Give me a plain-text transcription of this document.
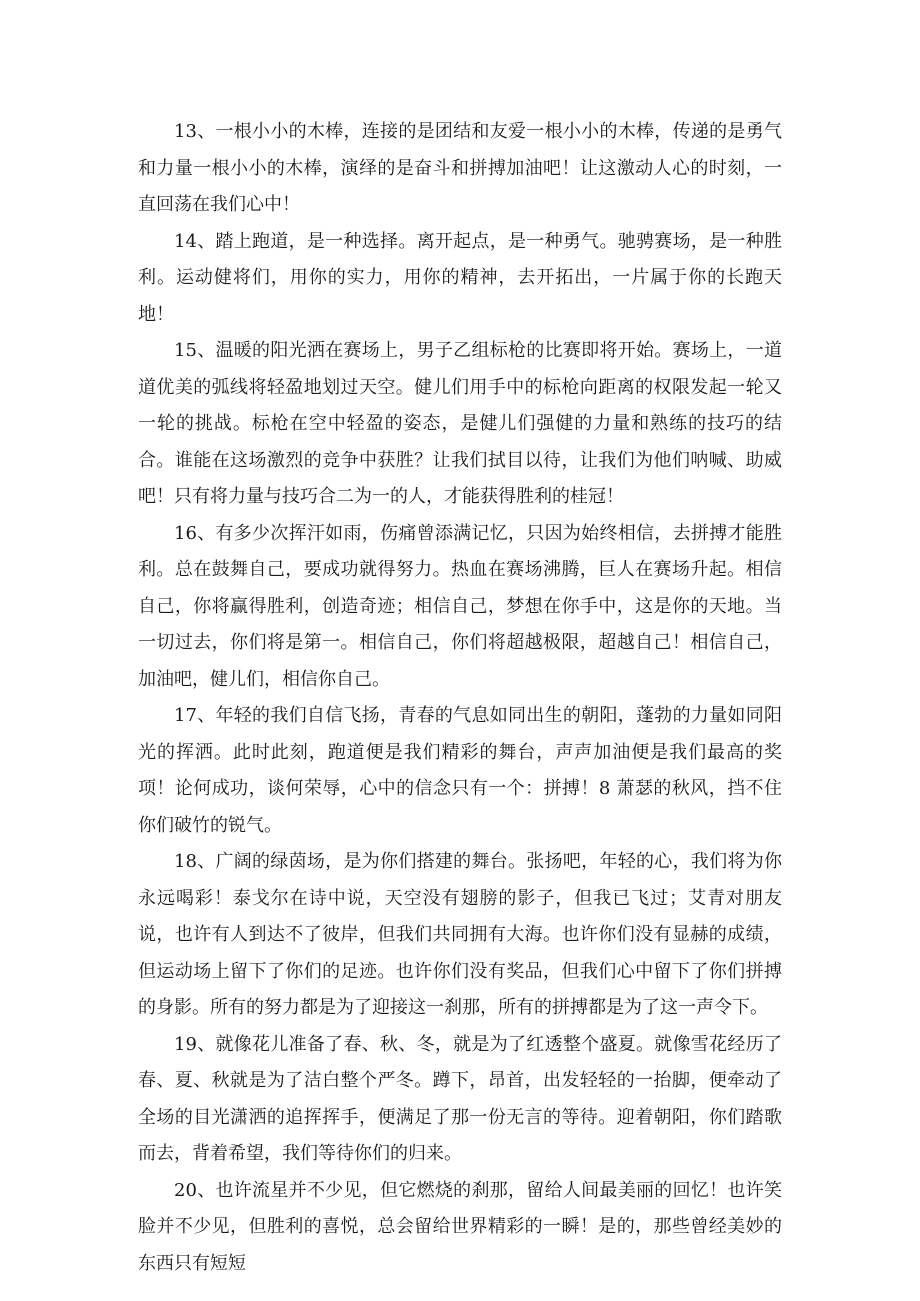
13、一根小小的木棒，连接的是团结和友爱一根小小的木棒，传递的是勇气和力量一根小小的木棒，演绎的是奋斗和拼搏加油吧！让这激动人心的时刻，一直回荡在我们心中！

14、踏上跑道，是一种选择。离开起点，是一种勇气。驰骋赛场，是一种胜利。运动健将们，用你的实力，用你的精神，去开拓出，一片属于你的长跑天地！

15、温暖的阳光洒在赛场上，男子乙组标枪的比赛即将开始。赛场上，一道道优美的弧线将轻盈地划过天空。健儿们用手中的标枪向距离的权限发起一轮又一轮的挑战。标枪在空中轻盈的姿态，是健儿们强健的力量和熟练的技巧的结合。谁能在这场激烈的竞争中获胜？让我们拭目以待，让我们为他们呐喊、助威吧！只有将力量与技巧合二为一的人，才能获得胜利的桂冠！

16、有多少次挥汗如雨，伤痛曾添满记忆，只因为始终相信，去拼搏才能胜利。总在鼓舞自己，要成功就得努力。热血在赛场沸腾，巨人在赛场升起。相信自己，你将赢得胜利，创造奇迹；相信自己，梦想在你手中，这是你的天地。当一切过去，你们将是第一。相信自己，你们将超越极限，超越自己！相信自己，加油吧，健儿们，相信你自己。

17、年轻的我们自信飞扬，青春的气息如同出生的朝阳，蓬勃的力量如同阳光的挥洒。此时此刻，跑道便是我们精彩的舞台，声声加油便是我们最高的奖项！论何成功，谈何荣辱，心中的信念只有一个：拼搏！8 萧瑟的秋风，挡不住你们破竹的锐气。

18、广阔的绿茵场，是为你们搭建的舞台。张扬吧，年轻的心，我们将为你永远喝彩！泰戈尔在诗中说，天空没有翅膀的影子，但我已飞过；艾青对朋友说，也许有人到达不了彼岸，但我们共同拥有大海。也许你们没有显赫的成绩，但运动场上留下了你们的足迹。也许你们没有奖品，但我们心中留下了你们拼搏的身影。所有的努力都是为了迎接这一刹那，所有的拼搏都是为了这一声令下。

19、就像花儿准备了春、秋、冬，就是为了红透整个盛夏。就像雪花经历了春、夏、秋就是为了洁白整个严冬。蹲下，昂首，出发轻轻的一抬脚，便牵动了全场的目光潇洒的追挥挥手，便满足了那一份无言的等待。迎着朝阳，你们踏歌而去，背着希望，我们等待你们的归来。

20、也许流星并不少见，但它燃烧的刹那，留给人间最美丽的回忆！也许笑脸并不少见，但胜利的喜悦，总会留给世界精彩的一瞬！是的，那些曾经美妙的东西只有短短
